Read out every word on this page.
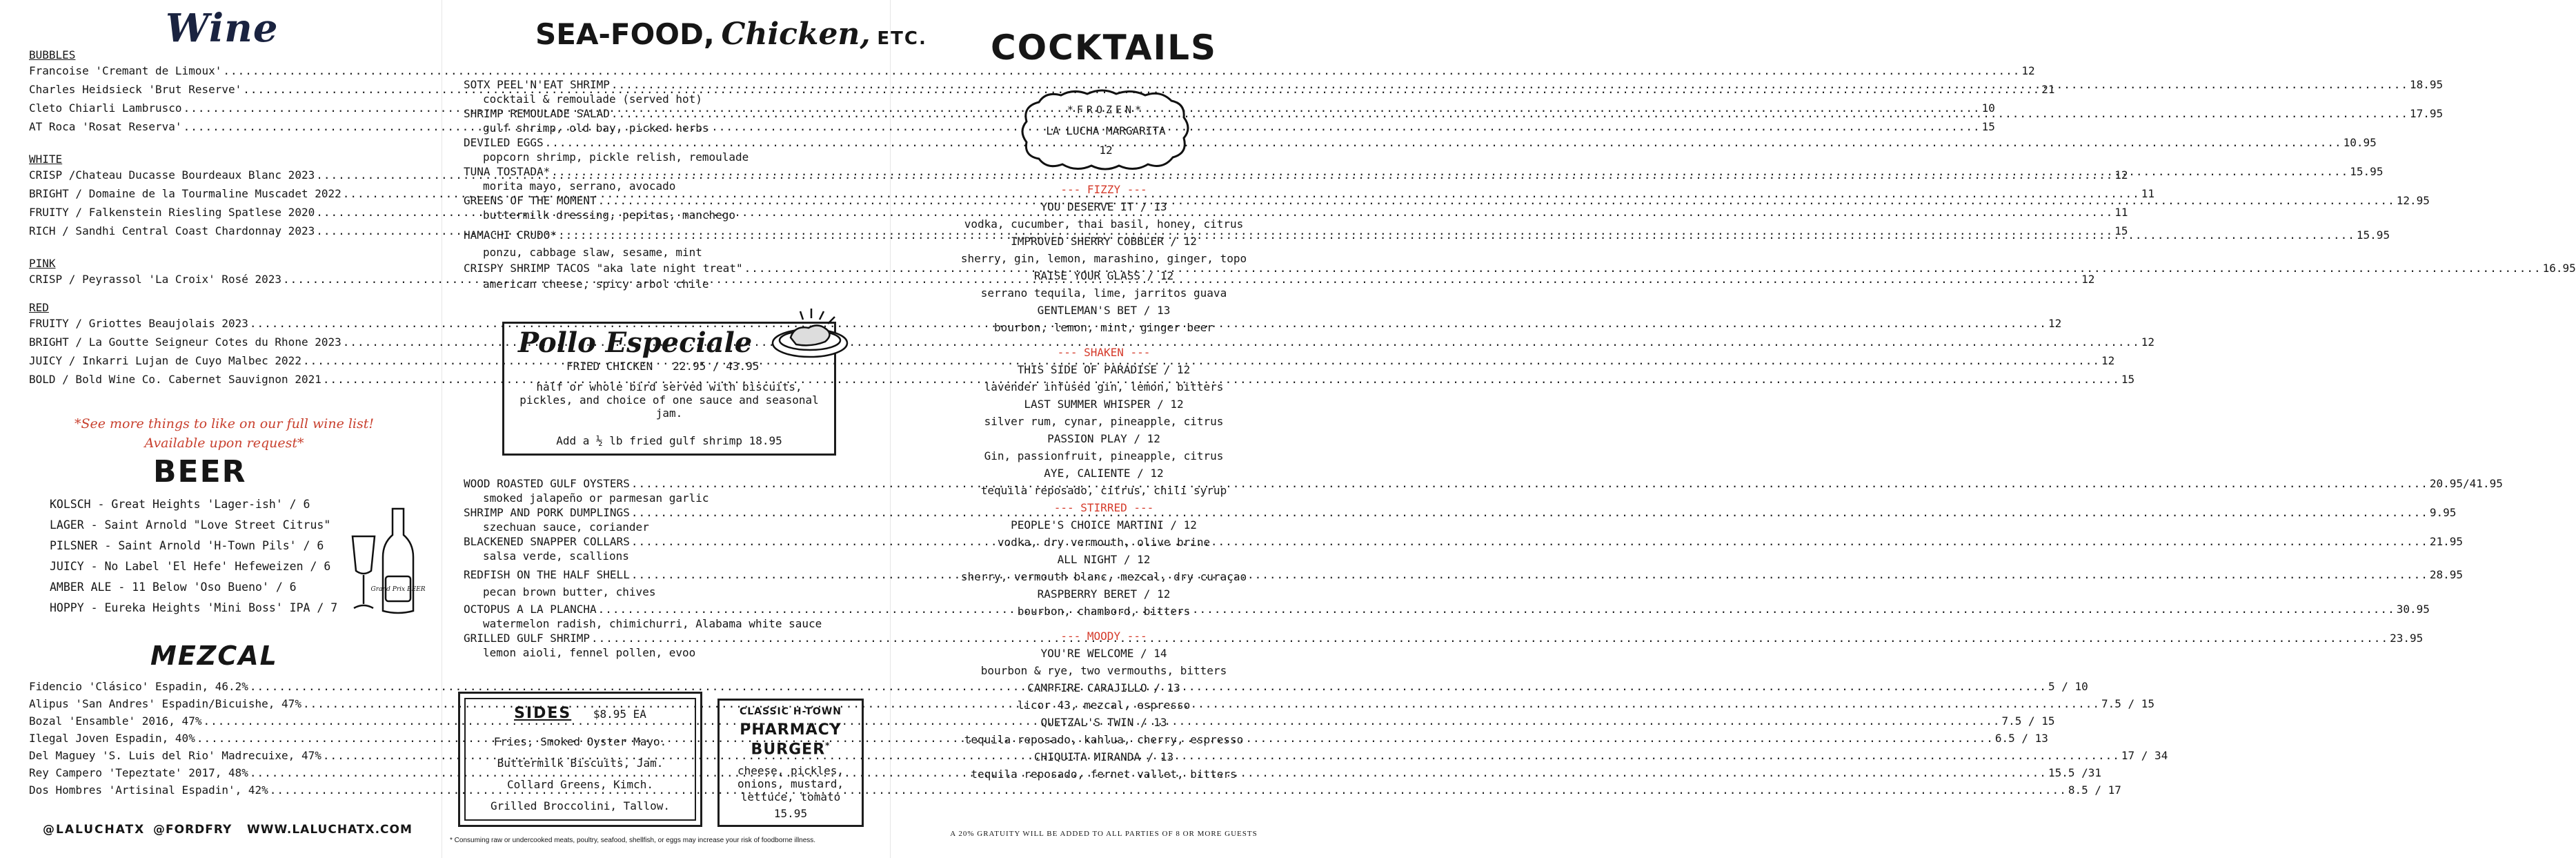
Wine
BUBBLES
Francoise 'Cremant de Limoux' .....	12
Charles Heidsieck 'Brut Reserve' .....	21
Cleto Chiarli Lambrusco .....	10
AT Roca 'Rosat Reserva' .....	15
WHITE
CRISP /Chateau Ducasse Bourdeaux Blanc 2023 .....	12
BRIGHT / Domaine de la Tourmaline Muscadet 2022 .....	11
FRUITY / Falkenstein Riesling Spatlese 2020 .....	11
RICH / Sandhi Central Coast Chardonnay 2023 .....	15
PINK
CRISP / Peyrassol 'La Croix' Rosé 2023 .....	12
RED
FRUITY / Griottes Beaujolais 2023 .....	12
BRIGHT / La Goutte Seigneur Cotes du Rhone 2023 .....	12
JUICY / Inkarri Lujan de Cuyo Malbec 2022 .....	12
BOLD / Bold Wine Co. Cabernet Sauvignon 2021 .....	15
*See more things to like on our full wine list!
Available upon request*
BEER
KOLSCH - Great Heights 'Lager-ish' / 6
LAGER - Saint Arnold "Love Street Citrus"
PILSNER - Saint Arnold 'H-Town Pils' / 6
JUICY - No Label 'El Hefe' Hefeweizen / 6
AMBER ALE - 11 Below 'Oso Bueno' / 6
HOPPY - Eureka Heights 'Mini Boss' IPA / 7
Grand Prix BEER
MEZCAL
Fidencio 'Clásico' Espadin, 46.2% .....	5 / 10
Alipus 'San Andres' Espadin/Bicuishe, 47% .....	7.5 / 15
Bozal 'Ensamble' 2016, 47% .....	7.5 / 15
Ilegal Joven Espadin, 40% .....	6.5 / 13
Del Maguey 'S. Luis del Rio' Madrecuixe, 47% .....	17 / 34
Rey Campero 'Tepeztate' 2017, 48% .....	15.5 /31
Dos Hombres 'Artisinal Espadin', 42% .....	8.5 / 17
@LALUCHATX @FORDFRY WWW.LALUCHATX.COM
SEA-FOOD, Chicken, ETC.
SOTX PEEL'N'EAT SHRIMP .....	18.95
cocktail & remoulade (served hot)
SHRIMP REMOULADE SALAD .....	17.95
gulf shrimp, old bay, picked herbs
DEVILED EGGS .....	10.95
popcorn shrimp, pickle relish, remoulade
TUNA TOSTADA* .....	15.95
morita mayo, serrano, avocado
GREENS OF THE MOMENT .....	12.95
buttermilk dressing, pepitas, manchego
HAMACHI CRUDO* .....	15.95
ponzu, cabbage slaw, sesame, mint
CRISPY SHRIMP TACOS "aka late night treat" .....	16.95
american cheese, spicy arbol chile
Pollo Especiale
FRIED CHICKEN 22.95 / 43.95
half or whole bird served with biscuits, pickles, and choice of one sauce and seasonal jam.
Add a ½ lb fried gulf shrimp 18.95
WOOD ROASTED GULF OYSTERS .....	20.95/41.95
smoked jalapeño or parmesan garlic
SHRIMP AND PORK DUMPLINGS .....	9.95
szechuan sauce, coriander
BLACKENED SNAPPER COLLARS .....	21.95
salsa verde, scallions
REDFISH ON THE HALF SHELL .....	28.95
pecan brown butter, chives
OCTOPUS A LA PLANCHA .....	30.95
watermelon radish, chimichurri, Alabama white sauce
GRILLED GULF SHRIMP .....	23.95
lemon aioli, fennel pollen, evoo
SIDES $8.95 EA
Fries, Smoked Oyster Mayo.
Buttermilk Biscuits, Jam.
Collard Greens, Kimch.
Grilled Broccolini, Tallow.
CLASSIC H-TOWN
PHARMACY
BURGER*
cheese, pickles, onions, mustard, lettuce, tomato
15.95
* Consuming raw or undercooked meats, poultry, seafood, shellfish, or eggs may increase your risk of foodborne illness.
COCKTAILS
*FROZEN*
LA LUCHA MARGARITA
12
--- FIZZY ---
YOU DESERVE IT / 13
vodka, cucumber, thai basil, honey, citrus
IMPROVED SHERRY COBBLER / 12
sherry, gin, lemon, marashino, ginger, topo
RAISE YOUR GLASS / 12
serrano tequila, lime, jarritos guava
GENTLEMAN'S BET / 13
bourbon, lemon, mint, ginger beer
--- SHAKEN ---
THIS SIDE OF PARADISE / 12
lavender infused gin, lemon, bitters
LAST SUMMER WHISPER / 12
silver rum, cynar, pineapple, citrus
PASSION PLAY / 12
Gin, passionfruit, pineapple, citrus
AYE, CALIENTE / 12
tequila reposado, citrus, chili syrup
--- STIRRED ---
PEOPLE'S CHOICE MARTINI / 12
vodka, dry vermouth, olive brine
ALL NIGHT / 12
sherry, vermouth blanc, mezcal, dry curaçao
RASPBERRY BERET / 12
bourbon, chambord, bitters
--- MOODY ---
YOU'RE WELCOME / 14
bourbon & rye, two vermouths, bitters
CAMPFIRE CARAJILLO / 13
licor 43, mezcal, espresso
QUETZAL'S TWIN / 13
tequila reposado, kahlua, cherry, espresso
CHIQUITA MIRANDA / 13
tequila reposado, fernet vallet, bitters
A 20% GRATUITY WILL BE ADDED TO ALL PARTIES OF 8 OR MORE GUESTS
